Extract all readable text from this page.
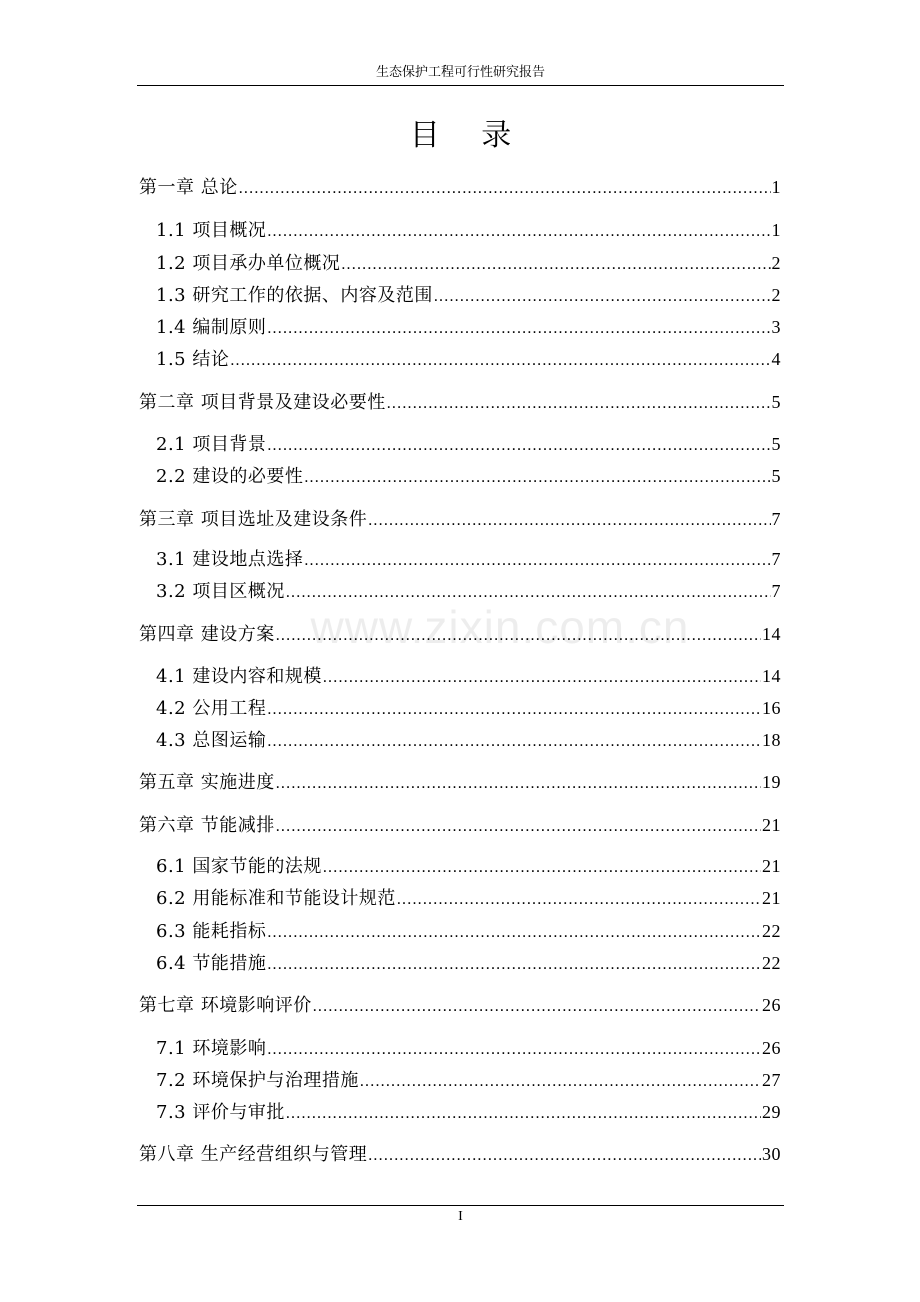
生态保护工程可行性研究报告
目 录
第一章 总论 .....	1
1.1 项目概况 .....	1
1.2 项目承办单位概况 .....	2
1.3 研究工作的依据、内容及范围 .....	2
1.4 编制原则 .....	3
1.5 结论 .....	4
第二章 项目背景及建设必要性 .....	5
2.1 项目背景 .....	5
2.2 建设的必要性 .....	5
第三章 项目选址及建设条件 .....	7
3.1 建设地点选择 .....	7
3.2 项目区概况 .....	7
第四章 建设方案 .....	14
4.1 建设内容和规模 .....	14
4.2 公用工程 .....	16
4.3 总图运输 .....	18
第五章 实施进度 .....	19
第六章 节能减排 .....	21
6.1 国家节能的法规 .....	21
6.2 用能标准和节能设计规范 .....	21
6.3 能耗指标 .....	22
6.4 节能措施 .....	22
第七章 环境影响评价 .....	26
7.1 环境影响 .....	26
7.2 环境保护与治理措施 .....	27
7.3 评价与审批 .....	29
第八章 生产经营组织与管理 .....	30
www.zixin.com.cn
I
